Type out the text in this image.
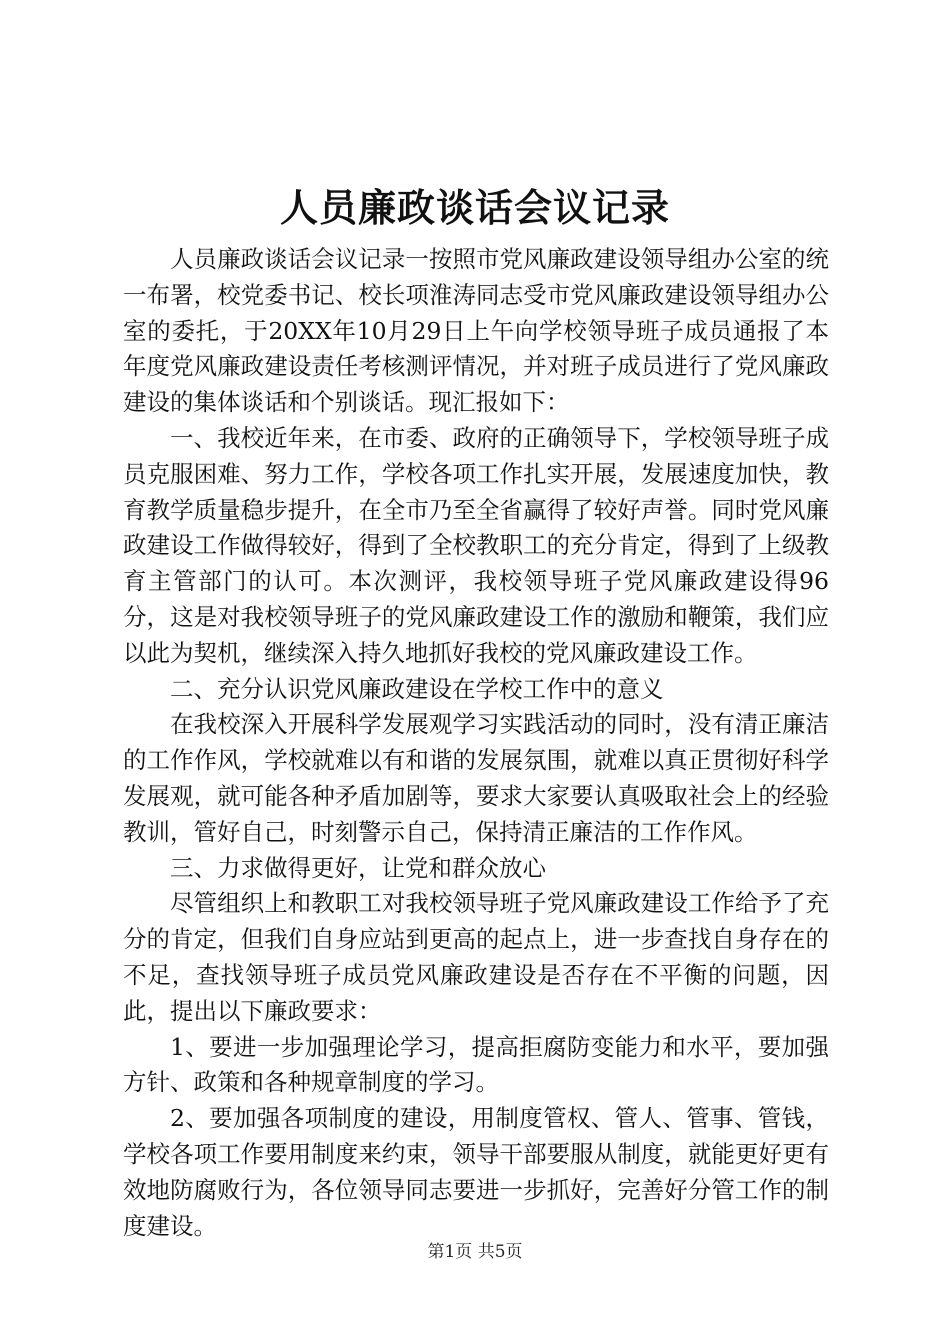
人员廉政谈话会议记录

人员廉政谈话会议记录一按照市党风廉政建设领导组办公室的统一布署，校党委书记、校长项淮涛同志受市党风廉政建设领导组办公室的委托，于20XX年10月29日上午向学校领导班子成员通报了本年度党风廉政建设责任考核测评情况，并对班子成员进行了党风廉政建设的集体谈话和个别谈话。现汇报如下：

一、我校近年来，在市委、政府的正确领导下，学校领导班子成员克服困难、努力工作，学校各项工作扎实开展，发展速度加快，教育教学质量稳步提升，在全市乃至全省赢得了较好声誉。同时党风廉政建设工作做得较好，得到了全校教职工的充分肯定，得到了上级教育主管部门的认可。本次测评，我校领导班子党风廉政建设得96分，这是对我校领导班子的党风廉政建设工作的激励和鞭策，我们应以此为契机，继续深入持久地抓好我校的党风廉政建设工作。

二、充分认识党风廉政建设在学校工作中的意义

在我校深入开展科学发展观学习实践活动的同时，没有清正廉洁的工作作风，学校就难以有和谐的发展氛围，就难以真正贯彻好科学发展观，就可能各种矛盾加剧等，要求大家要认真吸取社会上的经验教训，管好自己，时刻警示自己，保持清正廉洁的工作作风。

三、力求做得更好，让党和群众放心

尽管组织上和教职工对我校领导班子党风廉政建设工作给予了充分的肯定，但我们自身应站到更高的起点上，进一步查找自身存在的不足，查找领导班子成员党风廉政建设是否存在不平衡的问题，因此，提出以下廉政要求：

1、要进一步加强理论学习，提高拒腐防变能力和水平，要加强方针、政策和各种规章制度的学习。

2、要加强各项制度的建设，用制度管权、管人、管事、管钱，学校各项工作要用制度来约束，领导干部要服从制度，就能更好更有效地防腐败行为，各位领导同志要进一步抓好，完善好分管工作的制度建设。

第1页 共5页
